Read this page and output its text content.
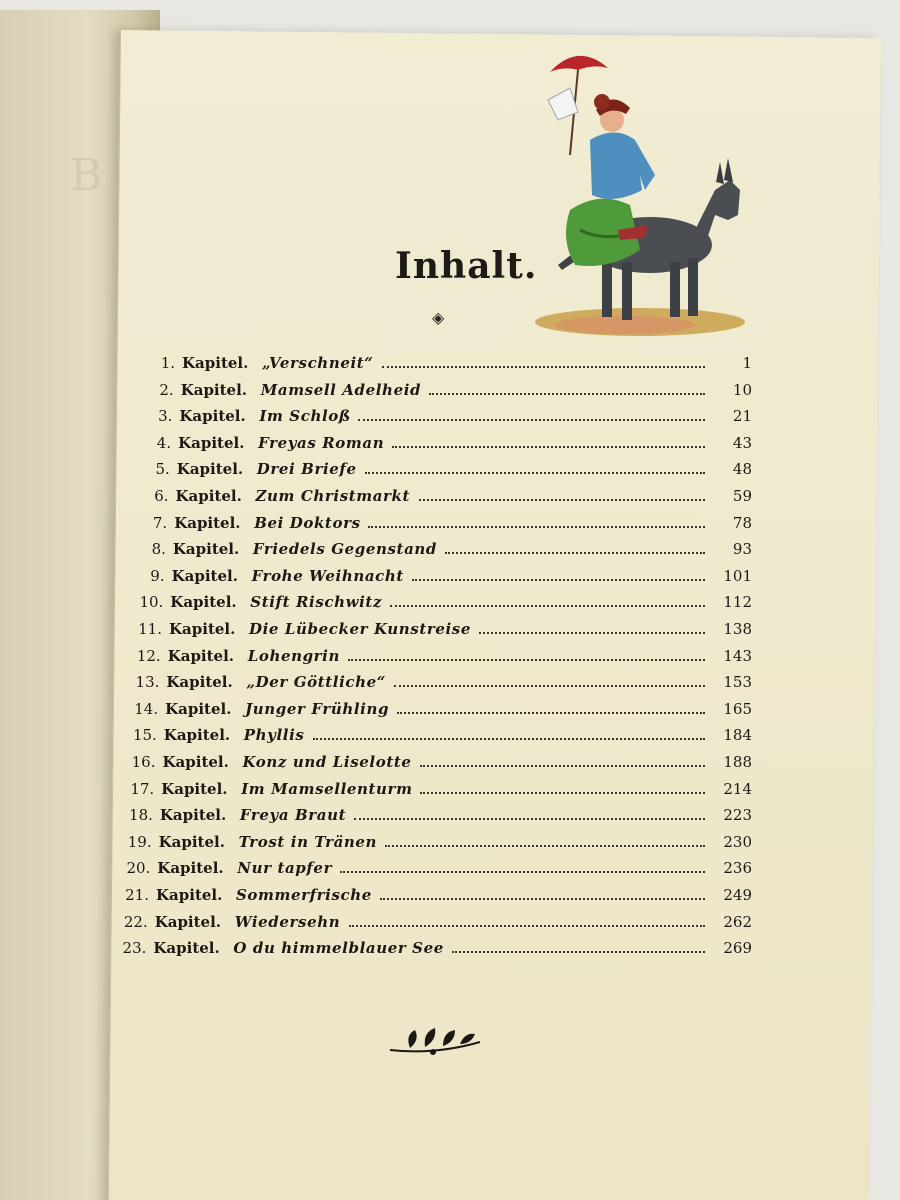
B
Inhalt.
◈
1. Kapitel. „Verschneit“	1
2. Kapitel. Mamsell Adelheid	10
3. Kapitel. Im Schloß	21
4. Kapitel. Freyas Roman	43
5. Kapitel. Drei Briefe	48
6. Kapitel. Zum Christmarkt	59
7. Kapitel. Bei Doktors	78
8. Kapitel. Friedels Gegenstand	93
9. Kapitel. Frohe Weihnacht	101
10. Kapitel. Stift Rischwitz	112
11. Kapitel. Die Lübecker Kunstreise	138
12. Kapitel. Lohengrin	143
13. Kapitel. „Der Göttliche“	153
14. Kapitel. Junger Frühling	165
15. Kapitel. Phyllis	184
16. Kapitel. Konz und Liselotte	188
17. Kapitel. Im Mamsellenturm	214
18. Kapitel. Freya Braut	223
19. Kapitel. Trost in Tränen	230
20. Kapitel. Nur tapfer	236
21. Kapitel. Sommerfrische	249
22. Kapitel. Wiedersehn	262
23. Kapitel. O du himmelblauer See	269
